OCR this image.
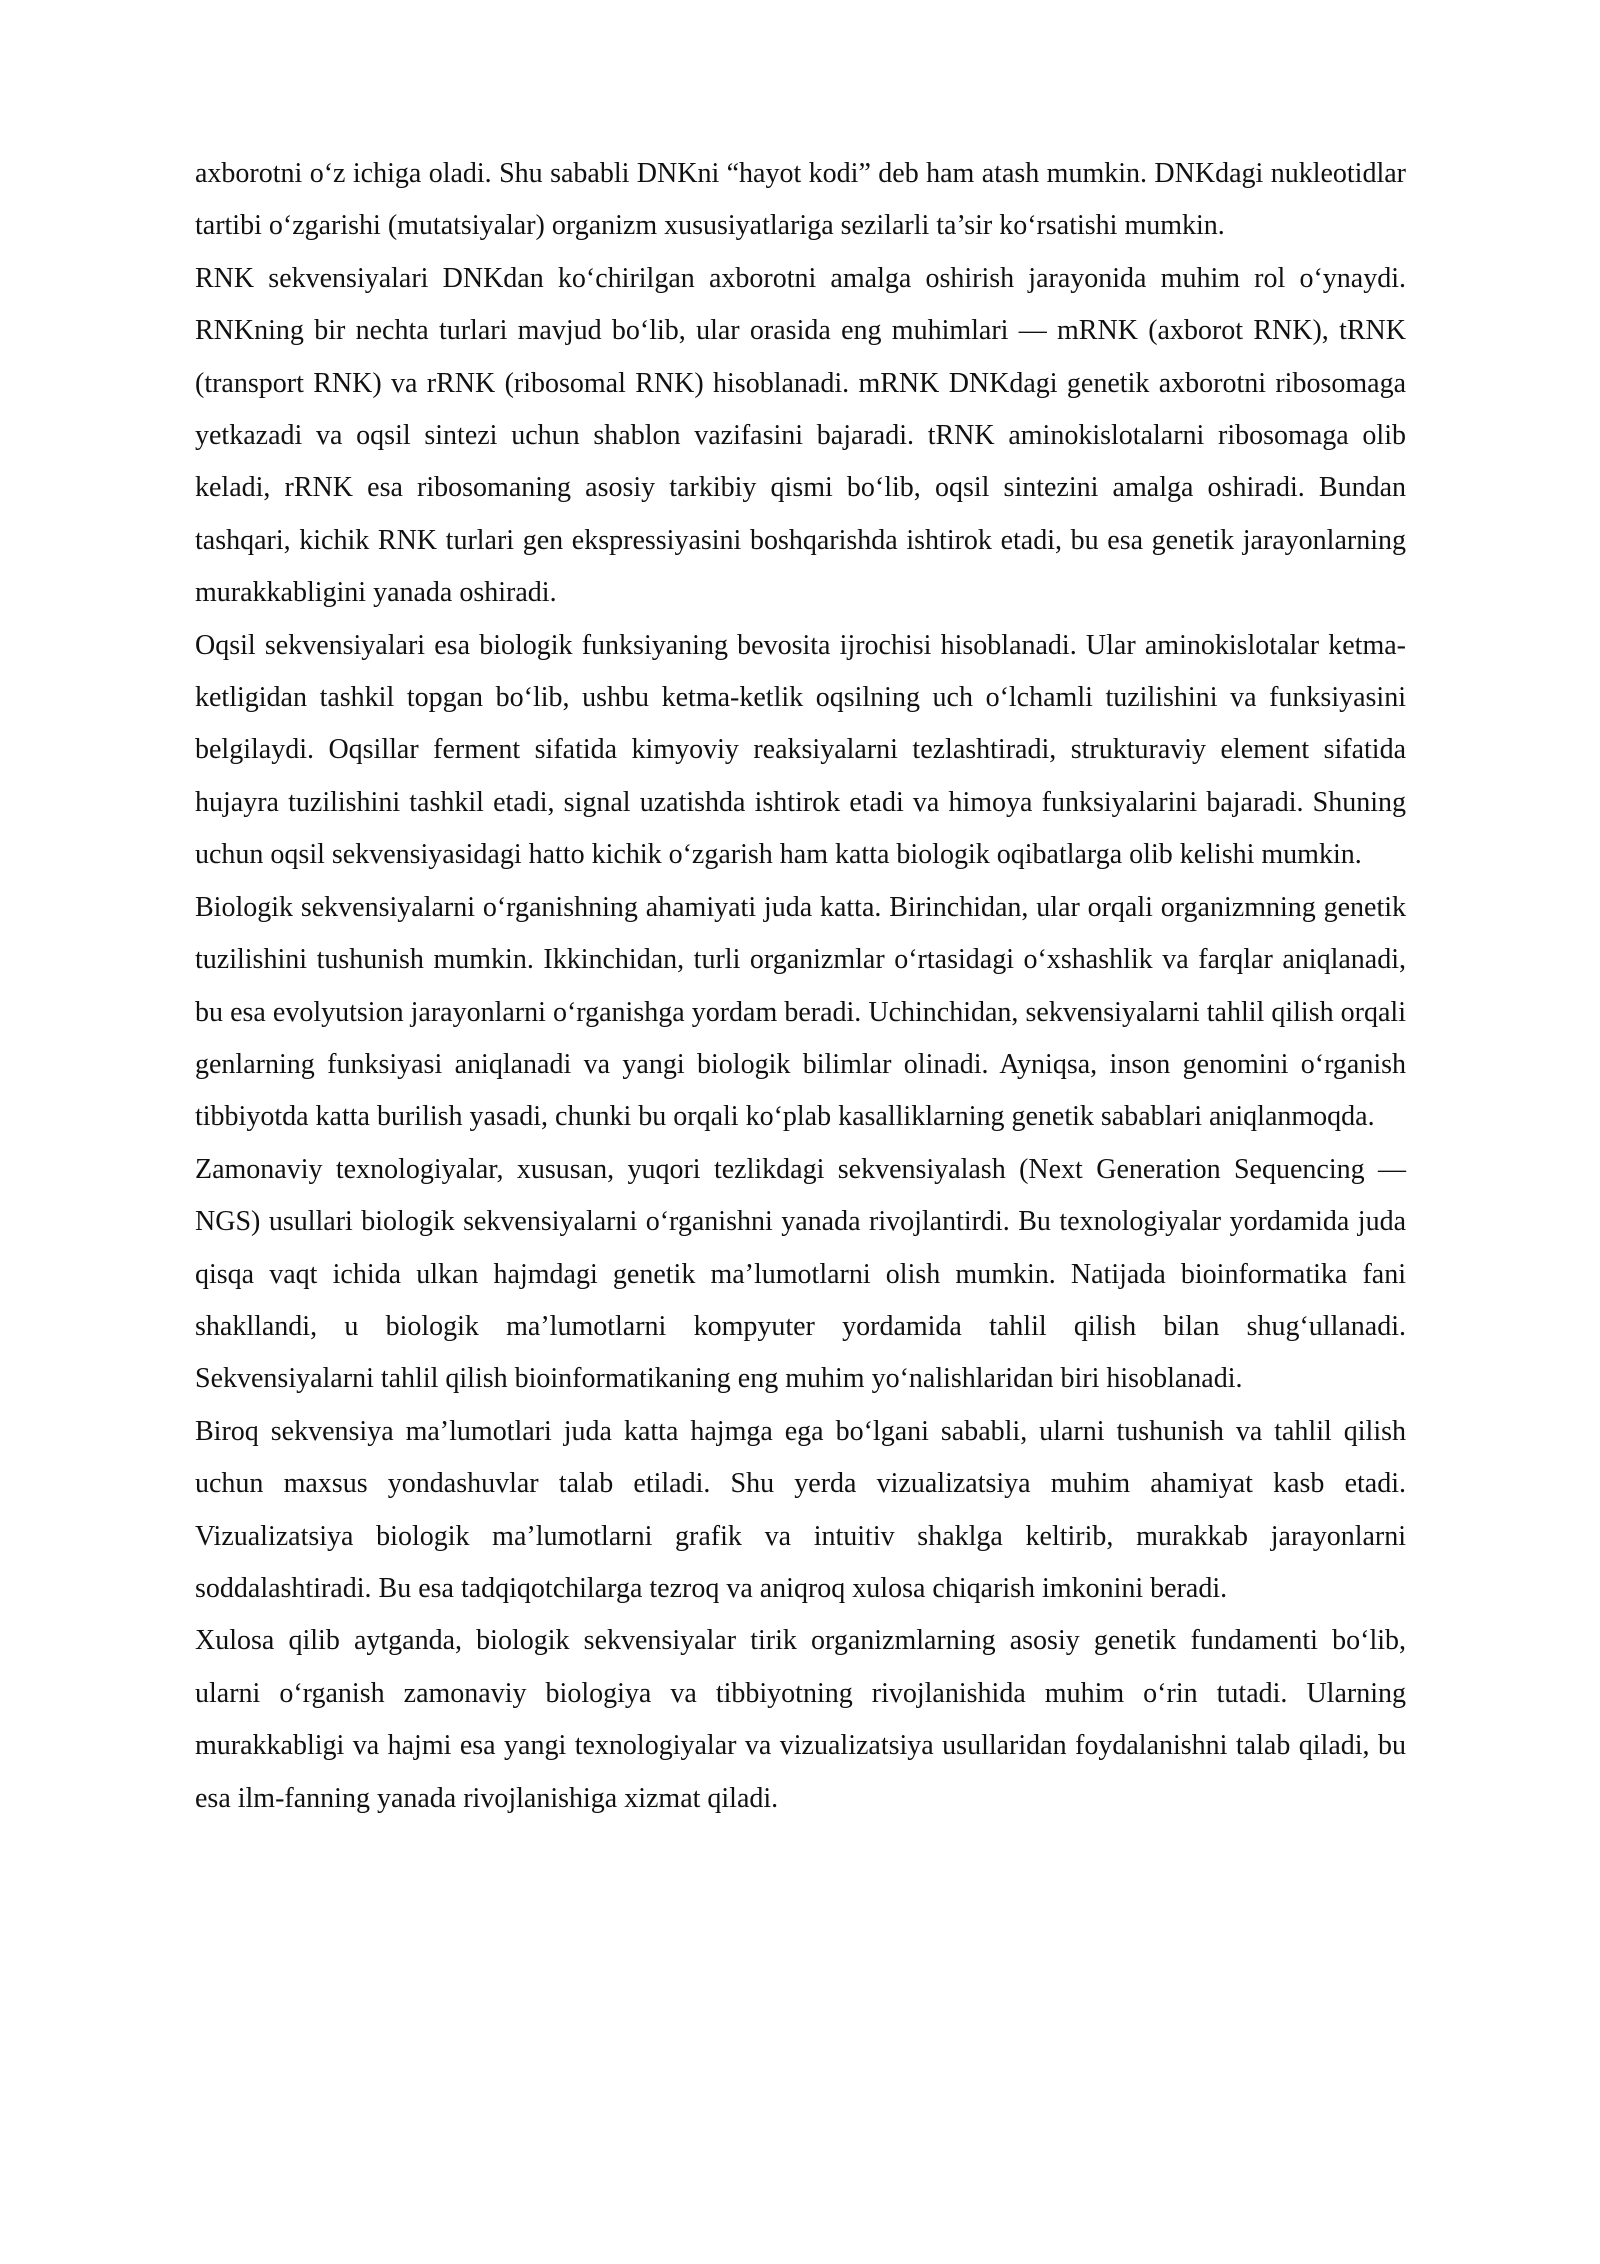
axborotni o‘z ichiga oladi. Shu sababli DNKni “hayot kodi” deb ham atash mumkin. DNKdagi nukleotidlar tartibi o‘zgarishi (mutatsiyalar) organizm xususiyatlariga sezilarli ta’sir ko‘rsatishi mumkin.

RNK sekvensiyalari DNKdan ko‘chirilgan axborotni amalga oshirish jarayonida muhim rol o‘ynaydi. RNKning bir nechta turlari mavjud bo‘lib, ular orasida eng muhimlari — mRNK (axborot RNK), tRNK (transport RNK) va rRNK (ribosomal RNK) hisoblanadi. mRNK DNKdagi genetik axborotni ribosomaga yetkazadi va oqsil sintezi uchun shablon vazifasini bajaradi. tRNK aminokislotalarni ribosomaga olib keladi, rRNK esa ribosomaning asosiy tarkibiy qismi bo‘lib, oqsil sintezini amalga oshiradi. Bundan tashqari, kichik RNK turlari gen ekspressiyasini boshqarishda ishtirok etadi, bu esa genetik jarayonlarning murakkabligini yanada oshiradi.

Oqsil sekvensiyalari esa biologik funksiyaning bevosita ijrochisi hisoblanadi. Ular aminokislotalar ketma-ketligidan tashkil topgan bo‘lib, ushbu ketma-ketlik oqsilning uch o‘lchamli tuzilishini va funksiyasini belgilaydi. Oqsillar ferment sifatida kimyoviy reaksiyalarni tezlashtiradi, strukturaviy element sifatida hujayra tuzilishini tashkil etadi, signal uzatishda ishtirok etadi va himoya funksiyalarini bajaradi. Shuning uchun oqsil sekvensiyasidagi hatto kichik o‘zgarish ham katta biologik oqibatlarga olib kelishi mumkin.

Biologik sekvensiyalarni o‘rganishning ahamiyati juda katta. Birinchidan, ular orqali organizmning genetik tuzilishini tushunish mumkin. Ikkinchidan, turli organizmlar o‘rtasidagi o‘xshashlik va farqlar aniqlanadi, bu esa evolyutsion jarayonlarni o‘rganishga yordam beradi. Uchinchidan, sekvensiyalarni tahlil qilish orqali genlarning funksiyasi aniqlanadi va yangi biologik bilimlar olinadi. Ayniqsa, inson genomini o‘rganish tibbiyotda katta burilish yasadi, chunki bu orqali ko‘plab kasalliklarning genetik sabablari aniqlanmoqda.

Zamonaviy texnologiyalar, xususan, yuqori tezlikdagi sekvensiyalash (Next Generation Sequencing — NGS) usullari biologik sekvensiyalarni o‘rganishni yanada rivojlantirdi. Bu texnologiyalar yordamida juda qisqa vaqt ichida ulkan hajmdagi genetik ma’lumotlarni olish mumkin. Natijada bioinformatika fani shakllandi, u biologik ma’lumotlarni kompyuter yordamida tahlil qilish bilan shug‘ullanadi. Sekvensiyalarni tahlil qilish bioinformatikaning eng muhim yo‘nalishlaridan biri hisoblanadi.

Biroq sekvensiya ma’lumotlari juda katta hajmga ega bo‘lgani sababli, ularni tushunish va tahlil qilish uchun maxsus yondashuvlar talab etiladi. Shu yerda vizualizatsiya muhim ahamiyat kasb etadi. Vizualizatsiya biologik ma’lumotlarni grafik va intuitiv shaklga keltirib, murakkab jarayonlarni soddalashtiradi. Bu esa tadqiqotchilarga tezroq va aniqroq xulosa chiqarish imkonini beradi.

Xulosa qilib aytganda, biologik sekvensiyalar tirik organizmlarning asosiy genetik fundamenti bo‘lib, ularni o‘rganish zamonaviy biologiya va tibbiyotning rivojlanishida muhim o‘rin tutadi. Ularning murakkabligi va hajmi esa yangi texnologiyalar va vizualizatsiya usullaridan foydalanishni talab qiladi, bu esa ilm-fanning yanada rivojlanishiga xizmat qiladi.
